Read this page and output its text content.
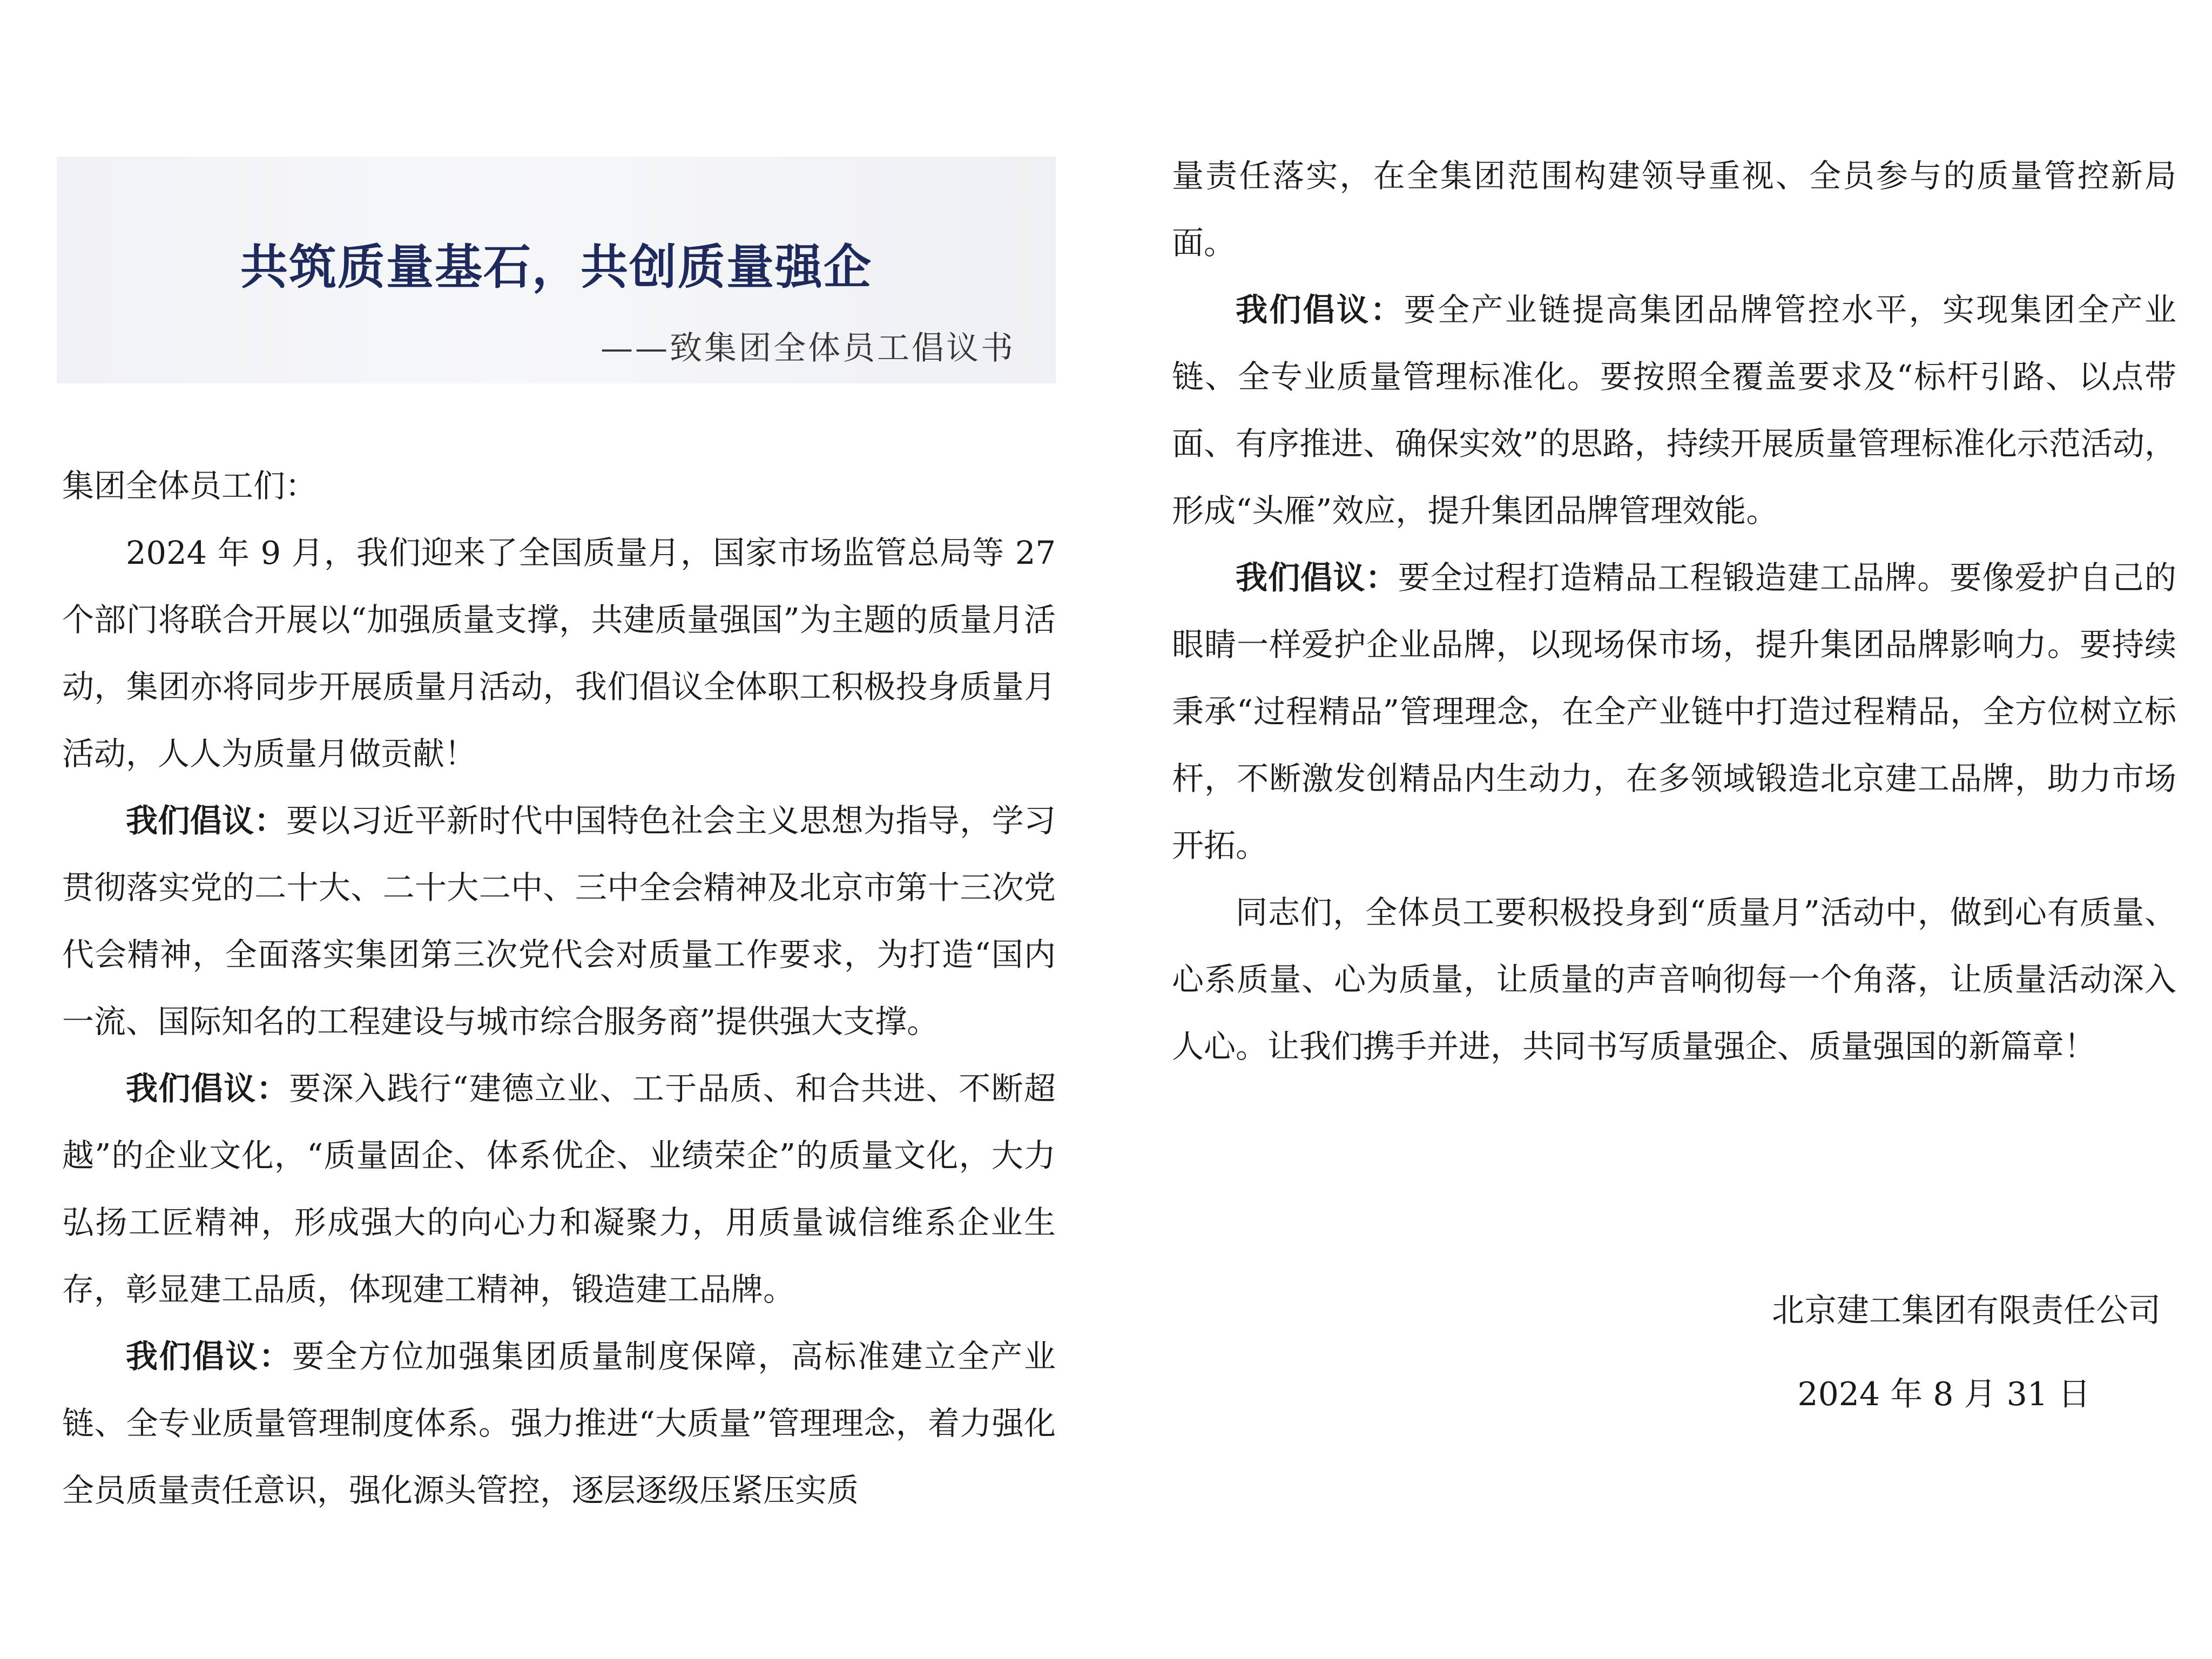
共筑质量基石，共创质量强企
——致集团全体员工倡议书

集团全体员工们：

2024 年 9 月，我们迎来了全国质量月，国家市场监管总局等 27 个部门将联合开展以“加强质量支撑，共建质量强国”为主题的质量月活动，集团亦将同步开展质量月活动，我们倡议全体职工积极投身质量月活动，人人为质量月做贡献！

我们倡议：要以习近平新时代中国特色社会主义思想为指导，学习贯彻落实党的二十大、二十大二中、三中全会精神及北京市第十三次党代会精神，全面落实集团第三次党代会对质量工作要求，为打造“国内一流、国际知名的工程建设与城市综合服务商”提供强大支撑。

我们倡议：要深入践行“建德立业、工于品质、和合共进、不断超越”的企业文化，“质量固企、体系优企、业绩荣企”的质量文化，大力弘扬工匠精神，形成强大的向心力和凝聚力，用质量诚信维系企业生存，彰显建工品质，体现建工精神，锻造建工品牌。

我们倡议：要全方位加强集团质量制度保障，高标准建立全产业链、全专业质量管理制度体系。强力推进“大质量”管理理念，着力强化全员质量责任意识，强化源头管控，逐层逐级压紧压实质

量责任落实，在全集团范围构建领导重视、全员参与的质量管控新局面。

我们倡议：要全产业链提高集团品牌管控水平，实现集团全产业链、全专业质量管理标准化。要按照全覆盖要求及“标杆引路、以点带面、有序推进、确保实效”的思路，持续开展质量管理标准化示范活动，形成“头雁”效应，提升集团品牌管理效能。

我们倡议：要全过程打造精品工程锻造建工品牌。要像爱护自己的眼睛一样爱护企业品牌，以现场保市场，提升集团品牌影响力。要持续秉承“过程精品”管理理念，在全产业链中打造过程精品，全方位树立标杆，不断激发创精品内生动力，在多领域锻造北京建工品牌，助力市场开拓。

同志们，全体员工要积极投身到“质量月”活动中，做到心有质量、心系质量、心为质量，让质量的声音响彻每一个角落，让质量活动深入人心。让我们携手并进，共同书写质量强企、质量强国的新篇章！

北京建工集团有限责任公司
2024 年 8 月 31 日
